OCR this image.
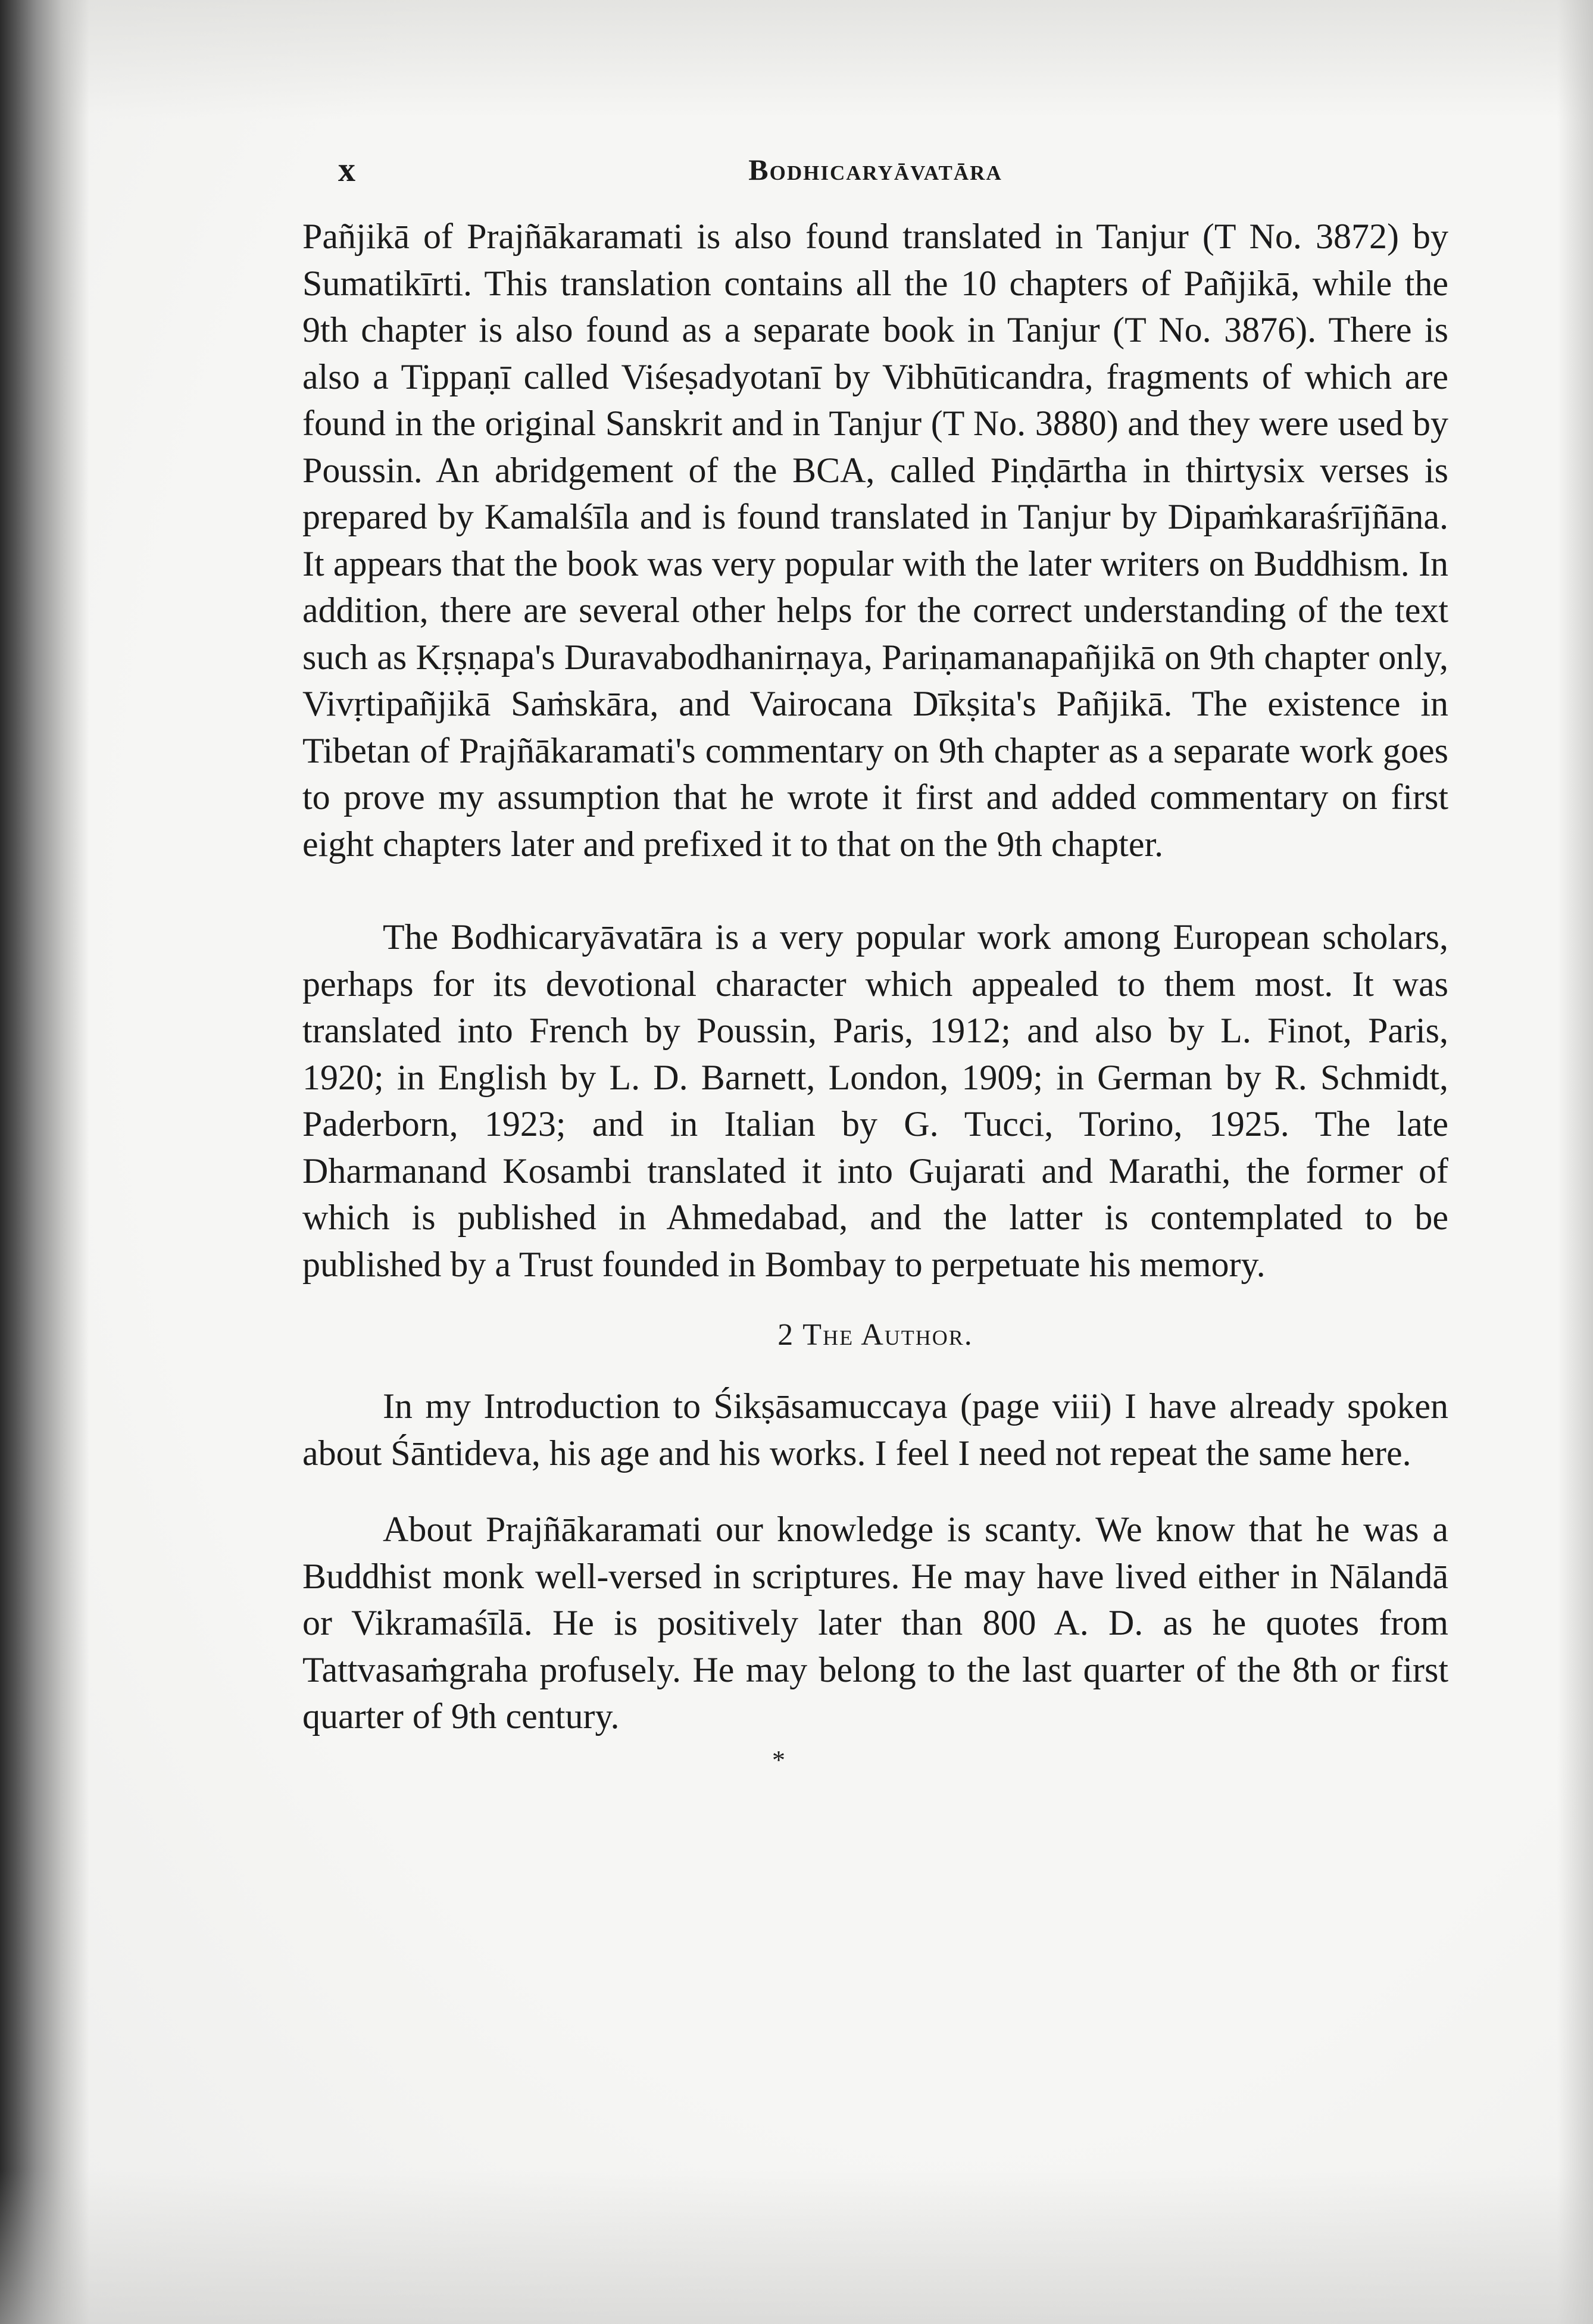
x	Bodhicaryāvatāra

Pañjikā of Prajñākaramati is also found translated in Tanjur (T No. 3872) by Sumatikīrti. This translation contains all the 10 chapters of Pañjikā, while the 9th chapter is also found as a separate book in Tanjur (T No. 3876). There is also a Tippaṇī called Viśeṣadyotanī by Vibhūticandra, fragments of which are found in the original Sanskrit and in Tanjur (T No. 3880) and they were used by Poussin. An abridgement of the BCA, called Piṇḍārtha in thirtysix verses is prepared by Kamalśīla and is found translated in Tanjur by Dipaṁkaraśrījñāna. It appears that the book was very popular with the later writers on Buddhism. In addition, there are several other helps for the correct understanding of the text such as Kṛṣṇapa's Duravabodhanirṇaya, Pariṇamanapañjikā on 9th chapter only, Vivṛtipañjikā Saṁskāra, and Vairocana Dīkṣita's Pañjikā. The existence in Tibetan of Prajñākaramati's commentary on 9th chapter as a separate work goes to prove my assumption that he wrote it first and added commentary on first eight chapters later and prefixed it to that on the 9th chapter.

The Bodhicaryāvatāra is a very popular work among European scholars, perhaps for its devotional character which appealed to them most. It was translated into French by Poussin, Paris, 1912; and also by L. Finot, Paris, 1920; in English by L. D. Barnett, London, 1909; in German by R. Schmidt, Paderborn, 1923; and in Italian by G. Tucci, Torino, 1925. The late Dharmanand Kosambi translated it into Gujarati and Marathi, the former of which is published in Ahmedabad, and the latter is contemplated to be published by a Trust founded in Bombay to perpetuate his memory.

2 The Author.

In my Introduction to Śikṣāsamuccaya (page viii) I have already spoken about Śāntideva, his age and his works. I feel I need not repeat the same here.

About Prajñākaramati our knowledge is scanty. We know that he was a Buddhist monk well-versed in scriptures. He may have lived either in Nālandā or Vikramaśīlā. He is positively later than 800 A. D. as he quotes from Tattvasaṁgraha profusely. He may belong to the last quarter of the 8th or first quarter of 9th century.

*
